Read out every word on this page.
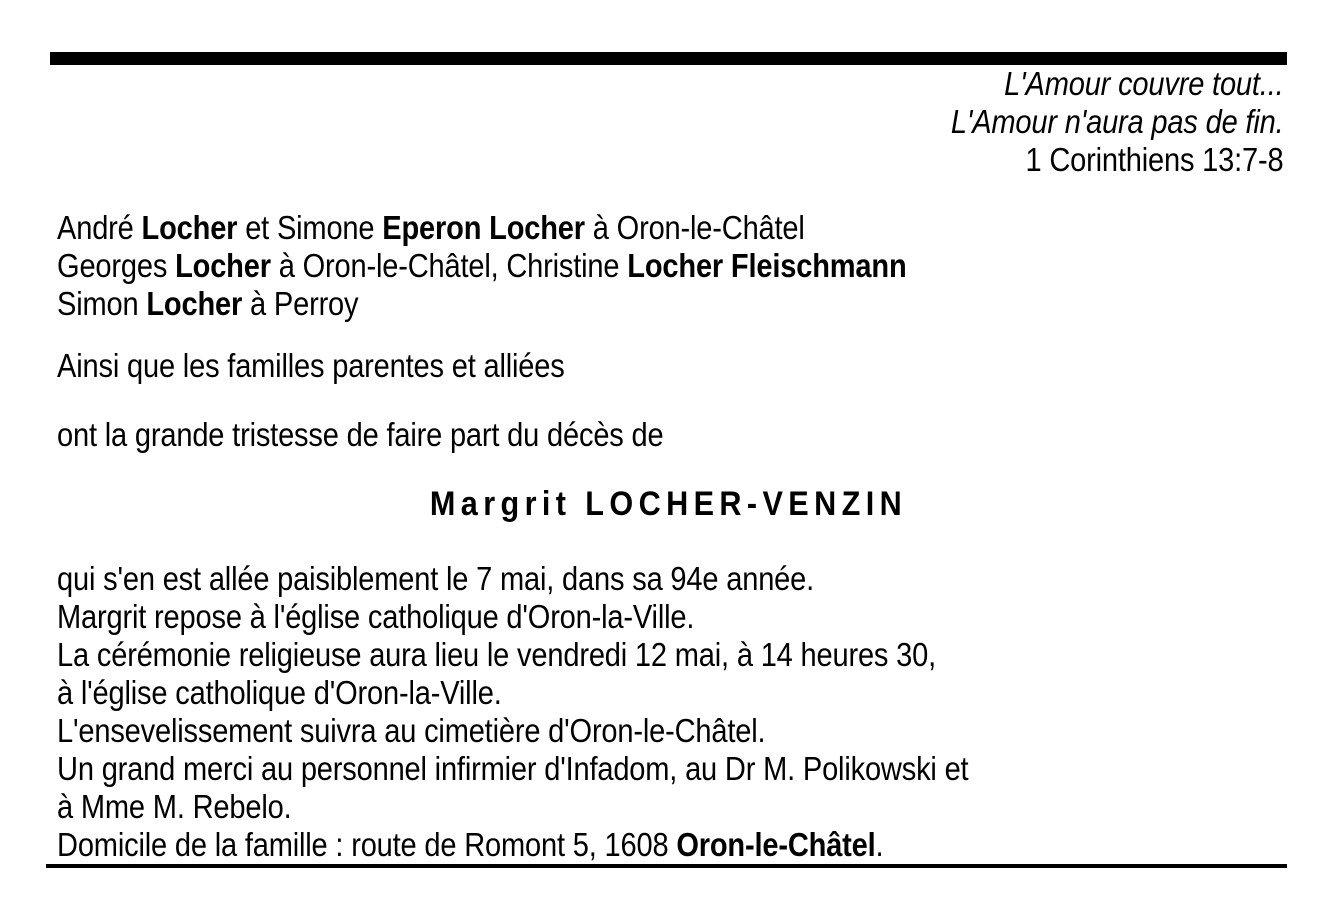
L'Amour couvre tout...
L'Amour n'aura pas de fin.
1 Corinthiens 13:7-8
André Locher et Simone Eperon Locher à Oron-le-Châtel
Georges Locher à Oron-le-Châtel, Christine Locher Fleischmann
Simon Locher à Perroy
Ainsi que les familles parentes et alliées
ont la grande tristesse de faire part du décès de
Margrit LOCHER-VENZIN
qui s'en est allée paisiblement le 7 mai, dans sa 94e année.
Margrit repose à l'église catholique d'Oron-la-Ville.
La cérémonie religieuse aura lieu le vendredi 12 mai, à 14 heures 30,
à l'église catholique d'Oron-la-Ville.
L'ensevelissement suivra au cimetière d'Oron-le-Châtel.
Un grand merci au personnel infirmier d'Infadom, au Dr M. Polikowski et
à Mme M. Rebelo.
Domicile de la famille : route de Romont 5, 1608 Oron-le-Châtel.
